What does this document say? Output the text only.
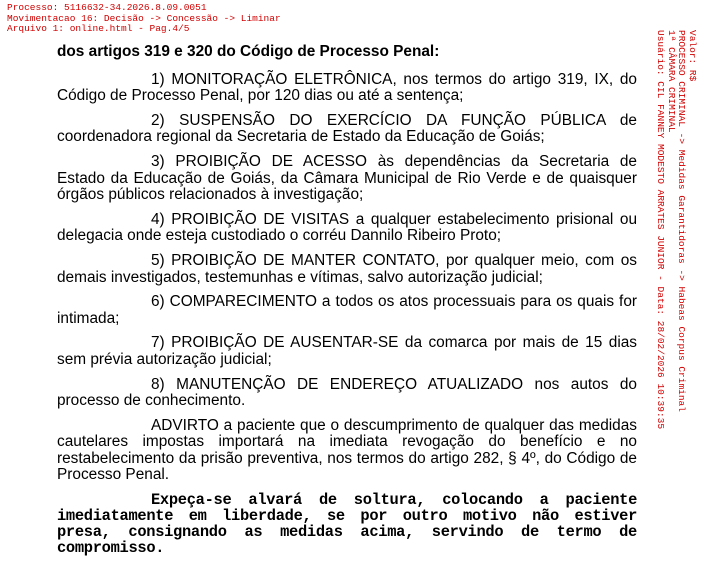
Processo: 5116632-34.2026.8.09.0051
Movimentacao 16: Decisão -> Concessão -> Liminar
Arquivo 1: online.html - Pag.4/5
Valor: R$
PROCESSO CRIMINAL -> Medidas Garantidoras -> Habeas Corpus Criminal
1ª CÂMARA CRIMINAL
Usuário: CIL FANNEY MODESTO ARRATES JUNIOR - Data: 28/02/2026 10:39:35

dos artigos 319 e 320 do Código de Processo Penal:

1) MONITORAÇÃO ELETRÔNICA, nos termos do artigo 319, IX, do Código de Processo Penal, por 120 dias ou até a sentença;

2) SUSPENSÃO DO EXERCÍCIO DA FUNÇÃO PÚBLICA de coordenadora regional da Secretaria de Estado da Educação de Goiás;

3) PROIBIÇÃO DE ACESSO às dependências da Secretaria de Estado da Educação de Goiás, da Câmara Municipal de Rio Verde e de quaisquer órgãos públicos relacionados à investigação;

4) PROIBIÇÃO DE VISITAS a qualquer estabelecimento prisional ou delegacia onde esteja custodiado o corréu Dannilo Ribeiro Proto;

5) PROIBIÇÃO DE MANTER CONTATO, por qualquer meio, com os demais investigados, testemunhas e vítimas, salvo autorização judicial;

6) COMPARECIMENTO a todos os atos processuais para os quais for intimada;

7) PROIBIÇÃO DE AUSENTAR-SE da comarca por mais de 15 dias sem prévia autorização judicial;

8) MANUTENÇÃO DE ENDEREÇO ATUALIZADO nos autos do processo de conhecimento.

ADVIRTO a paciente que o descumprimento de qualquer das medidas cautelares impostas importará na imediata revogação do benefício e no restabelecimento da prisão preventiva, nos termos do artigo 282, § 4º, do Código de Processo Penal.

Expeça-se alvará de soltura, colocando a paciente imediatamente em liberdade, se por outro motivo não estiver presa, consignando as medidas acima, servindo de termo de compromisso.
